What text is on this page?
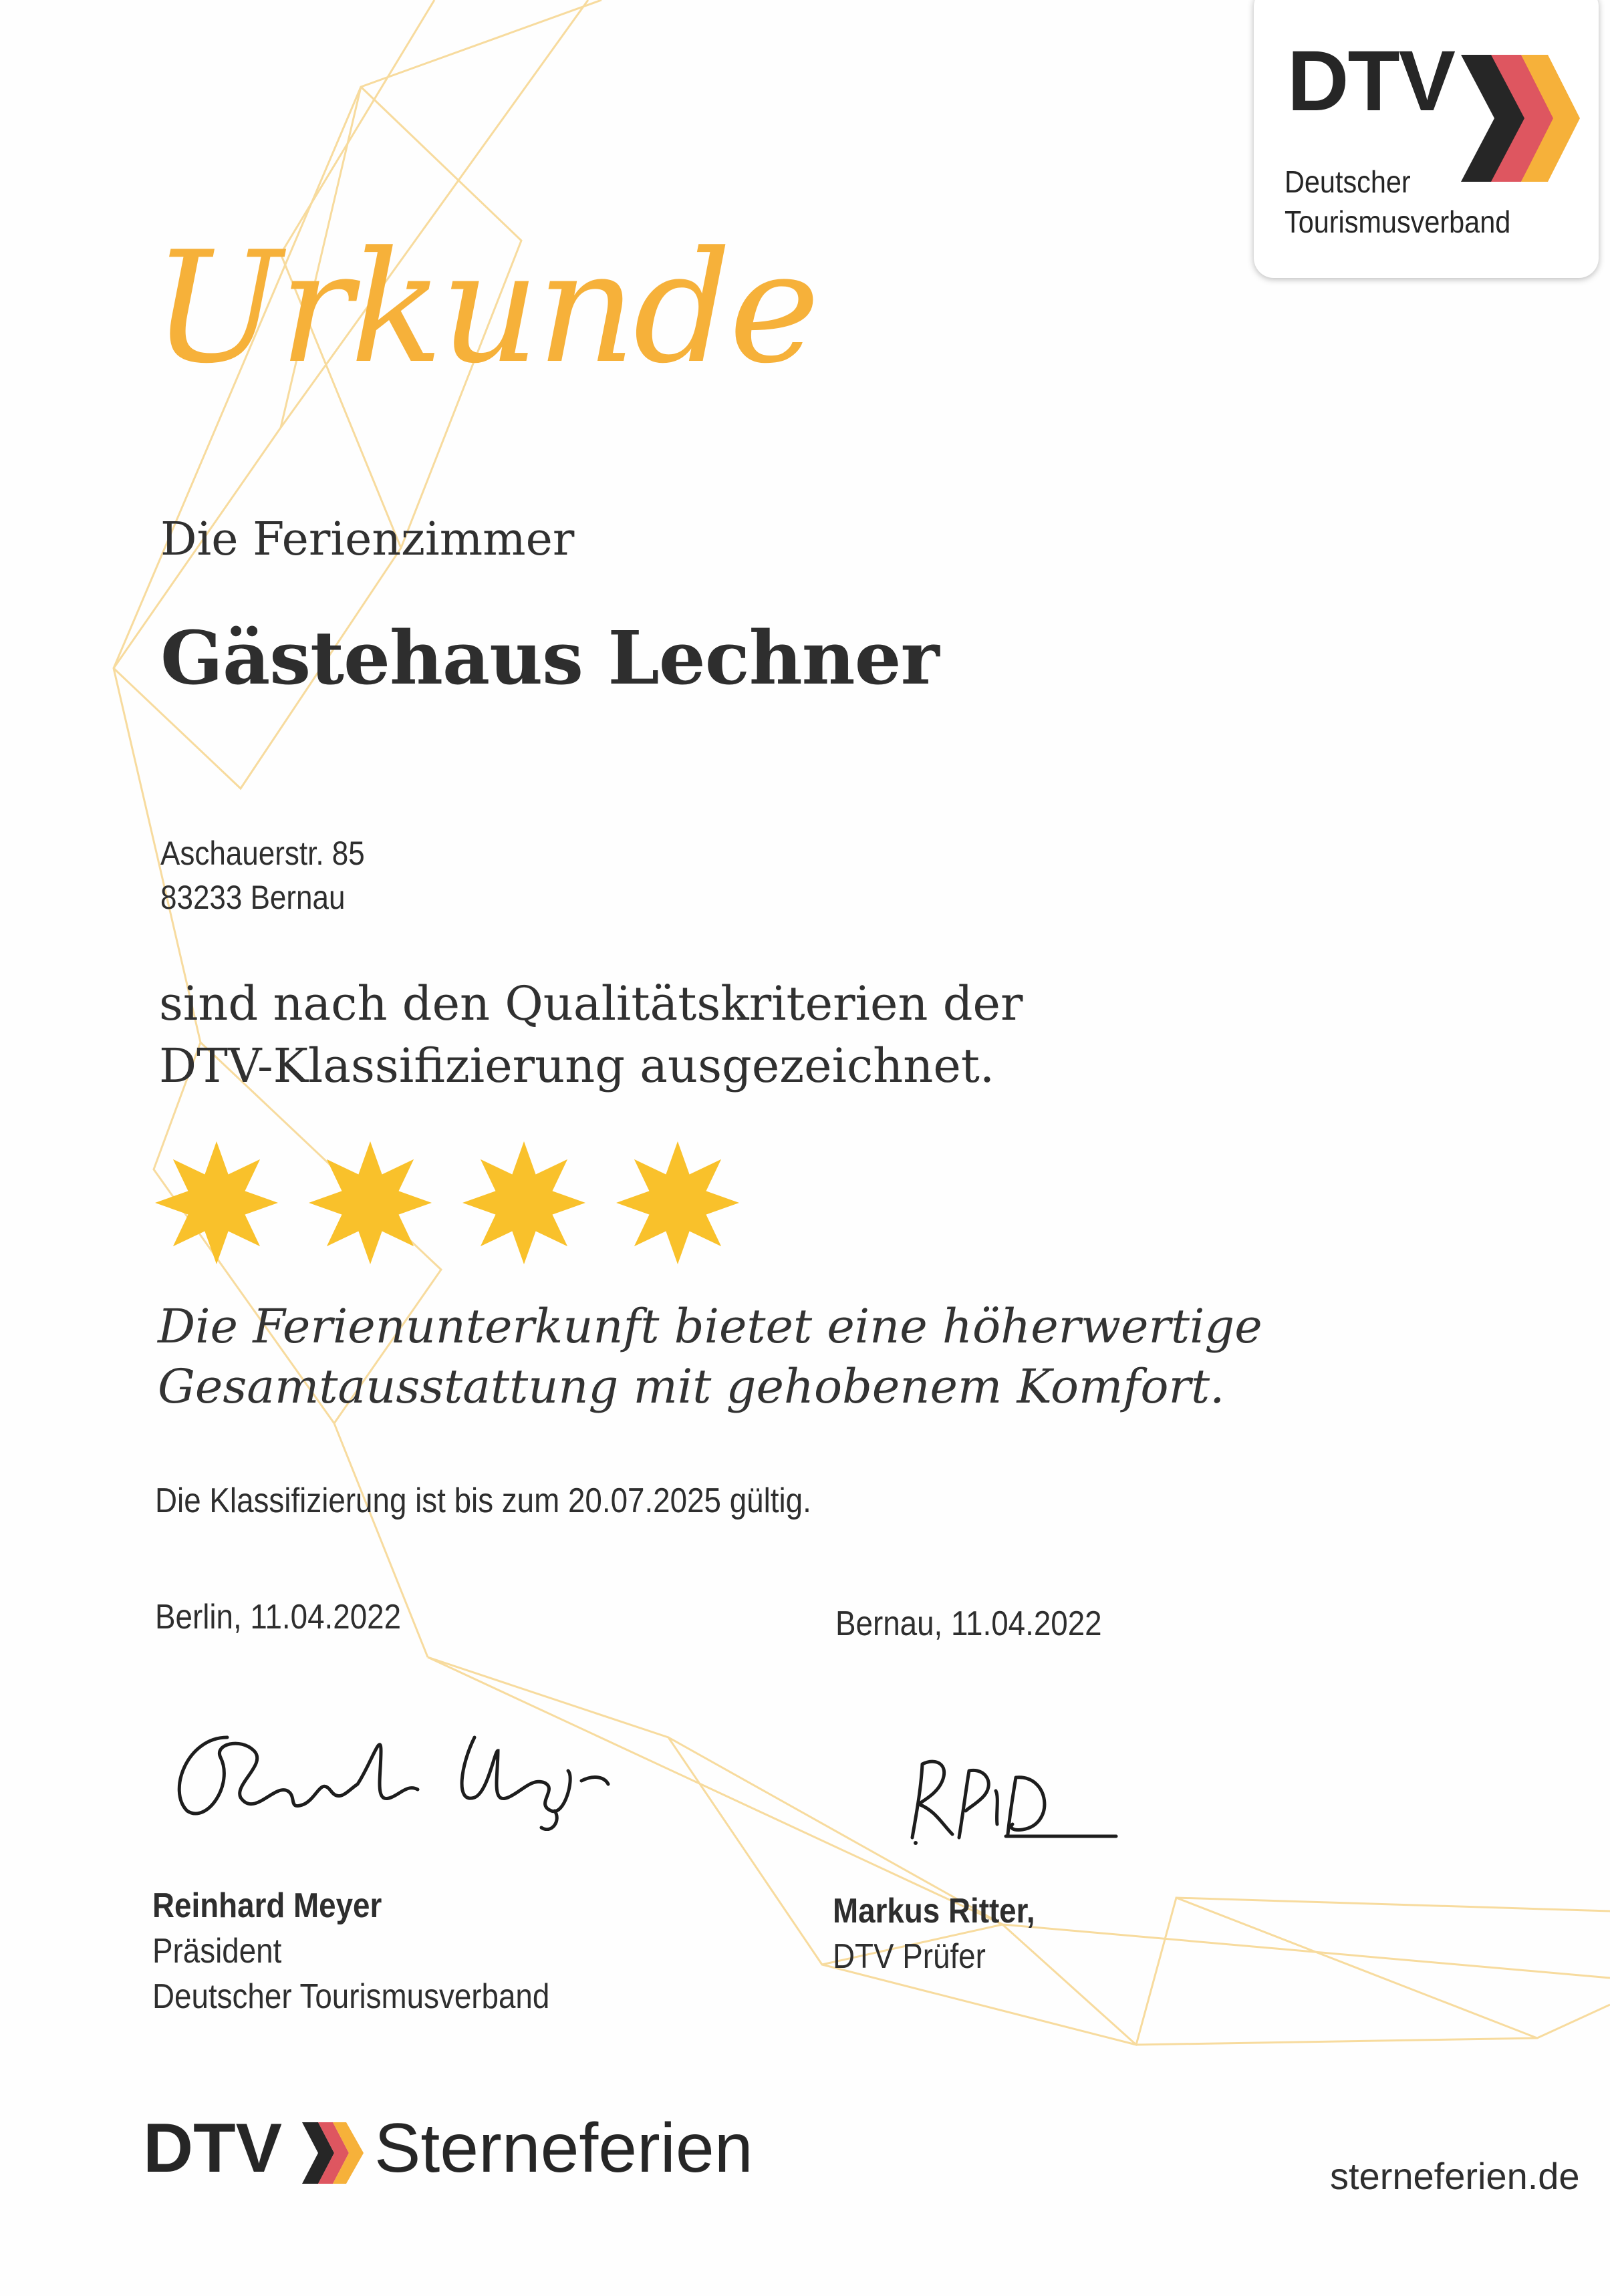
DTV
Deutscher
Tourismusverband
Urkunde
Die Ferienzimmer
Gästehaus Lechner
Aschauerstr. 85
83233 Bernau
sind nach den Qualitätskriterien der
DTV-Klassifizierung ausgezeichnet.
Die Ferienunterkunft bietet eine höherwertige
Gesamtausstattung mit gehobenem Komfort.
Die Klassifizierung ist bis zum 20.07.2025 gültig.
Berlin, 11.04.2022	Bernau, 11.04.2022
Reinhard Meyer
Präsident
Deutscher Tourismusverband
Markus Ritter,
DTV Prüfer
DTV Sterneferien	sterneferien.de
